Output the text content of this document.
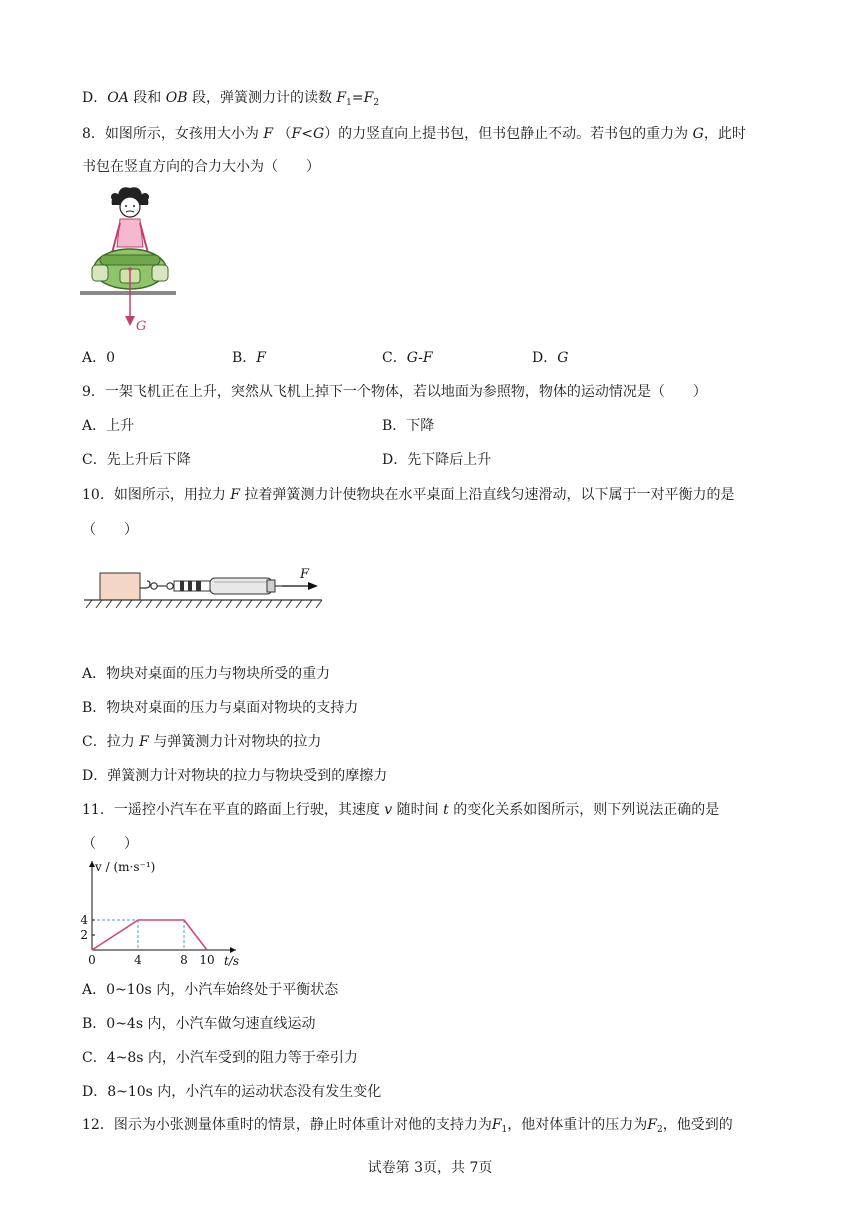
D．OA 段和 OB 段，弹簧测力计的读数 $F_1=F_2$
8．如图所示，女孩用大小为 F （F<G）的力竖直向上提书包，但书包静止不动。若书包的重力为 G，此时
书包在竖直方向的合力大小为（　　）
G
A．0	B．F	C．G-F	D．G
9．一架飞机正在上升，突然从飞机上掉下一个物体，若以地面为参照物，物体的运动情况是（　　）
A．上升	B．下降
C．先上升后下降	D．先下降后上升
10．如图所示，用拉力 F 拉着弹簧测力计使物块在水平桌面上沿直线匀速滑动，以下属于一对平衡力的是
（　　）
F
A．物块对桌面的压力与物块所受的重力
B．物块对桌面的压力与桌面对物块的支持力
C．拉力 F 与弹簧测力计对物块的拉力
D．弹簧测力计对物块的拉力与物块受到的摩擦力
11．一遥控小汽车在平直的路面上行驶，其速度 v 随时间 t 的变化关系如图所示，则下列说法正确的是
（　　）
0	4	8 10
2
4
v / (m·s⁻¹)
t/s
A．0~10s 内，小汽车始终处于平衡状态
B．0~4s 内，小汽车做匀速直线运动
C．4~8s 内，小汽车受到的阻力等于牵引力
D．8~10s 内，小汽车的运动状态没有发生变化
12．图示为小张测量体重时的情景，静止时体重计对他的支持力为$F_1$，他对体重计的压力为$F_2$，他受到的
试卷第 3页，共 7页
